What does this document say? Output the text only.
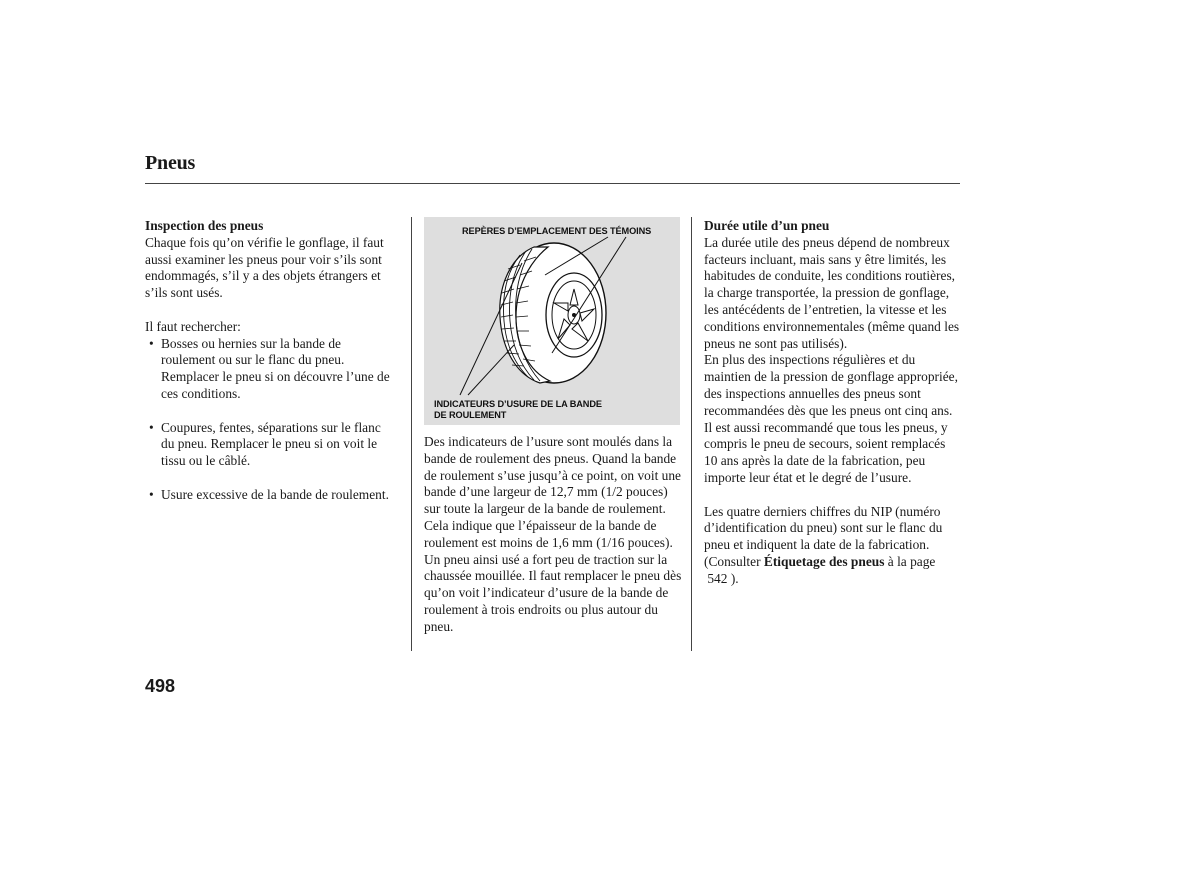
Pneus

Inspection des pneus

Chaque fois qu’on vérifie le gonflage, il faut aussi examiner les pneus pour voir s’ils sont endommagés, s’il y a des objets étrangers et s’ils sont usés.

Il faut rechercher:

• Bosses ou hernies sur la bande de roulement ou sur le flanc du pneu. Remplacer le pneu si on découvre l’une de ces conditions.
• Coupures, fentes, séparations sur le flanc du pneu. Remplacer le pneu si on voit le tissu ou le câblé.
• Usure excessive de la bande de roulement.
REPÈRES D’EMPLACEMENT DES TÉMOINS
INDICATEURS D’USURE DE LA BANDE
DE ROULEMENT

Des indicateurs de l’usure sont moulés dans la bande de roulement des pneus. Quand la bande de roulement s’use jusqu’à ce point, on voit une bande d’une largeur de 12,7 mm (1/2 pouces) sur toute la largeur de la bande de roulement. Cela indique que l’épaisseur de la bande de roulement est moins de 1,6 mm (1/16 pouces).

Un pneu ainsi usé a fort peu de traction sur la chaussée mouillée. Il faut remplacer le pneu dès qu’on voit l’indicateur d’usure de la bande de roulement à trois endroits ou plus autour du pneu.

Durée utile d’un pneu

La durée utile des pneus dépend de nombreux facteurs incluant, mais sans y être limités, les habitudes de conduite, les conditions routières, la charge transportée, la pression de gonflage, les antécédents de l’entretien, la vitesse et les conditions environnementales (même quand les pneus ne sont pas utilisés).

En plus des inspections régulières et du maintien de la pression de gonflage appropriée, des inspections annuelles des pneus sont recommandées dès que les pneus ont cinq ans. Il est aussi recommandé que tous les pneus, y compris le pneu de secours, soient remplacés 10 ans après la date de la fabrication, peu importe leur état et le degré de l’usure.

Les quatre derniers chiffres du NIP (numéro d’identification du pneu) sont sur le flanc du pneu et indiquent la date de la fabrication. (Consulter Étiquetage des pneus à la page
542 ).

498
